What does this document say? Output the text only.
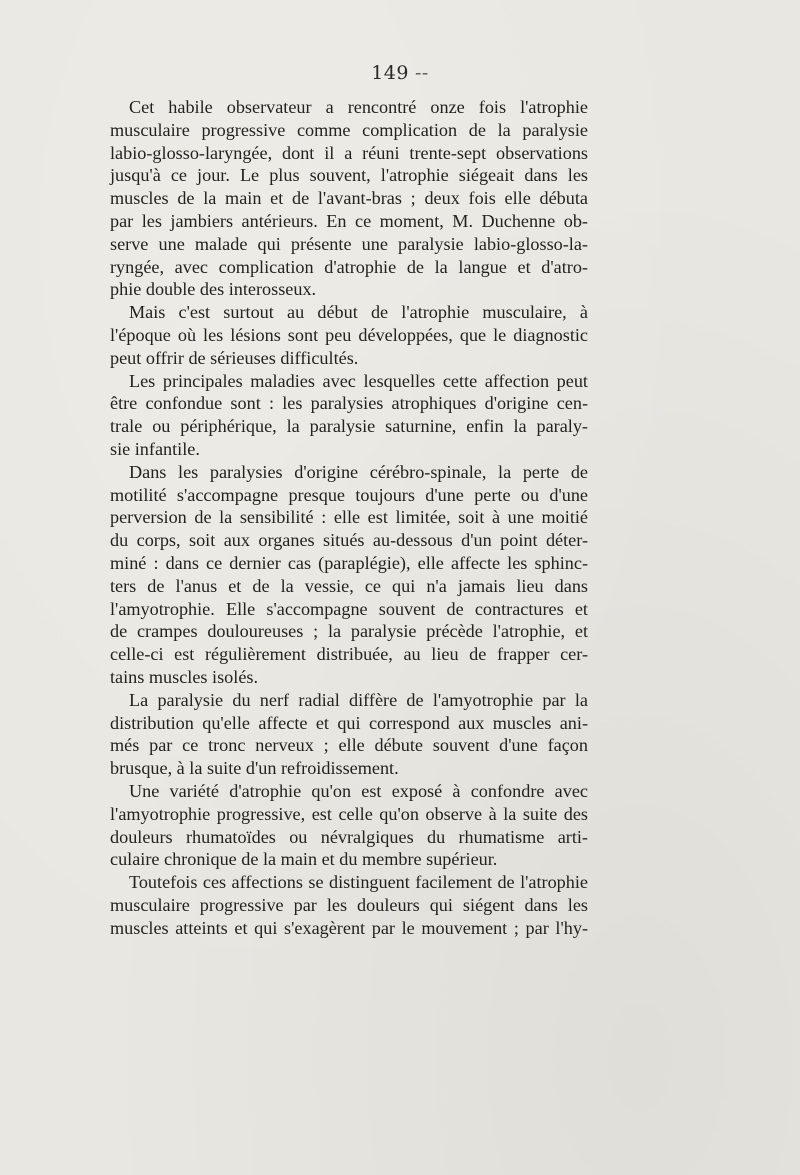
149 --
Cet habile observateur a rencontré onze fois l'atrophie
musculaire progressive comme complication de la paralysie
labio-glosso-laryngée, dont il a réuni trente-sept observations
jusqu'à ce jour. Le plus souvent, l'atrophie siégeait dans les
muscles de la main et de l'avant-bras ; deux fois elle débuta
par les jambiers antérieurs. En ce moment, M. Duchenne ob-
serve une malade qui présente une paralysie labio-glosso-la-
ryngée, avec complication d'atrophie de la langue et d'atro-
phie double des interosseux.
Mais c'est surtout au début de l'atrophie musculaire, à
l'époque où les lésions sont peu développées, que le diagnostic
peut offrir de sérieuses difficultés.
Les principales maladies avec lesquelles cette affection peut
être confondue sont : les paralysies atrophiques d'origine cen-
trale ou périphérique, la paralysie saturnine, enfin la paraly-
sie infantile.
Dans les paralysies d'origine cérébro-spinale, la perte de
motilité s'accompagne presque toujours d'une perte ou d'une
perversion de la sensibilité : elle est limitée, soit à une moitié
du corps, soit aux organes situés au-dessous d'un point déter-
miné : dans ce dernier cas (paraplégie), elle affecte les sphinc-
ters de l'anus et de la vessie, ce qui n'a jamais lieu dans
l'amyotrophie. Elle s'accompagne souvent de contractures et
de crampes douloureuses ; la paralysie précède l'atrophie, et
celle-ci est régulièrement distribuée, au lieu de frapper cer-
tains muscles isolés.
La paralysie du nerf radial diffère de l'amyotrophie par la
distribution qu'elle affecte et qui correspond aux muscles ani-
més par ce tronc nerveux ; elle débute souvent d'une façon
brusque, à la suite d'un refroidissement.
Une variété d'atrophie qu'on est exposé à confondre avec
l'amyotrophie progressive, est celle qu'on observe à la suite des
douleurs rhumatoïdes ou névralgiques du rhumatisme arti-
culaire chronique de la main et du membre supérieur.
Toutefois ces affections se distinguent facilement de l'atrophie
musculaire progressive par les douleurs qui siégent dans les
muscles atteints et qui s'exagèrent par le mouvement ; par l'hy-
